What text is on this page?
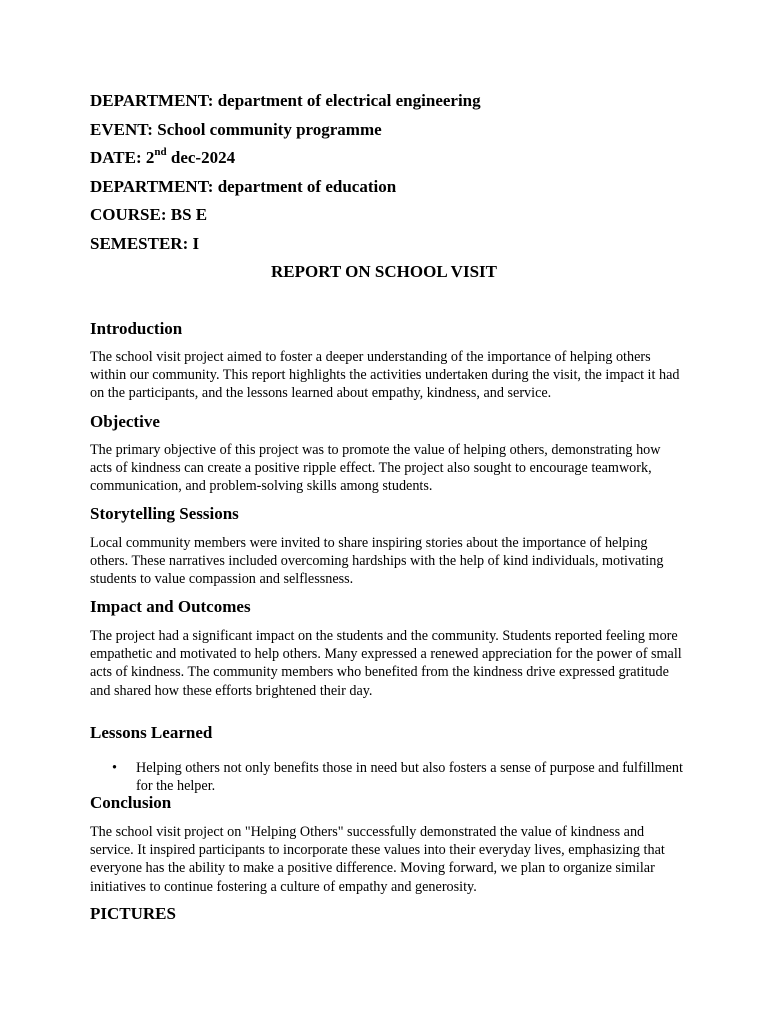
DEPARTMENT: department of electrical engineering
EVENT: School community programme
DATE: 2nd dec-2024
DEPARTMENT: department of education
COURSE: BS E
SEMESTER: I
REPORT ON SCHOOL VISIT
Introduction
The school visit project aimed to foster a deeper understanding of the importance of helping others within our community. This report highlights the activities undertaken during the visit, the impact it had on the participants, and the lessons learned about empathy, kindness, and service.
Objective
The primary objective of this project was to promote the value of helping others, demonstrating how acts of kindness can create a positive ripple effect. The project also sought to encourage teamwork, communication, and problem-solving skills among students.
Storytelling Sessions
Local community members were invited to share inspiring stories about the importance of helping others. These narratives included overcoming hardships with the help of kind individuals, motivating students to value compassion and selflessness.
Impact and Outcomes
The project had a significant impact on the students and the community. Students reported feeling more empathetic and motivated to help others. Many expressed a renewed appreciation for the power of small acts of kindness. The community members who benefited from the kindness drive expressed gratitude and shared how these efforts brightened their day.
Lessons Learned
• Helping others not only benefits those in need but also fosters a sense of purpose and fulfillment for the helper.
Conclusion
The school visit project on "Helping Others" successfully demonstrated the value of kindness and service. It inspired participants to incorporate these values into their everyday lives, emphasizing that everyone has the ability to make a positive difference. Moving forward, we plan to organize similar initiatives to continue fostering a culture of empathy and generosity.
PICTURES
